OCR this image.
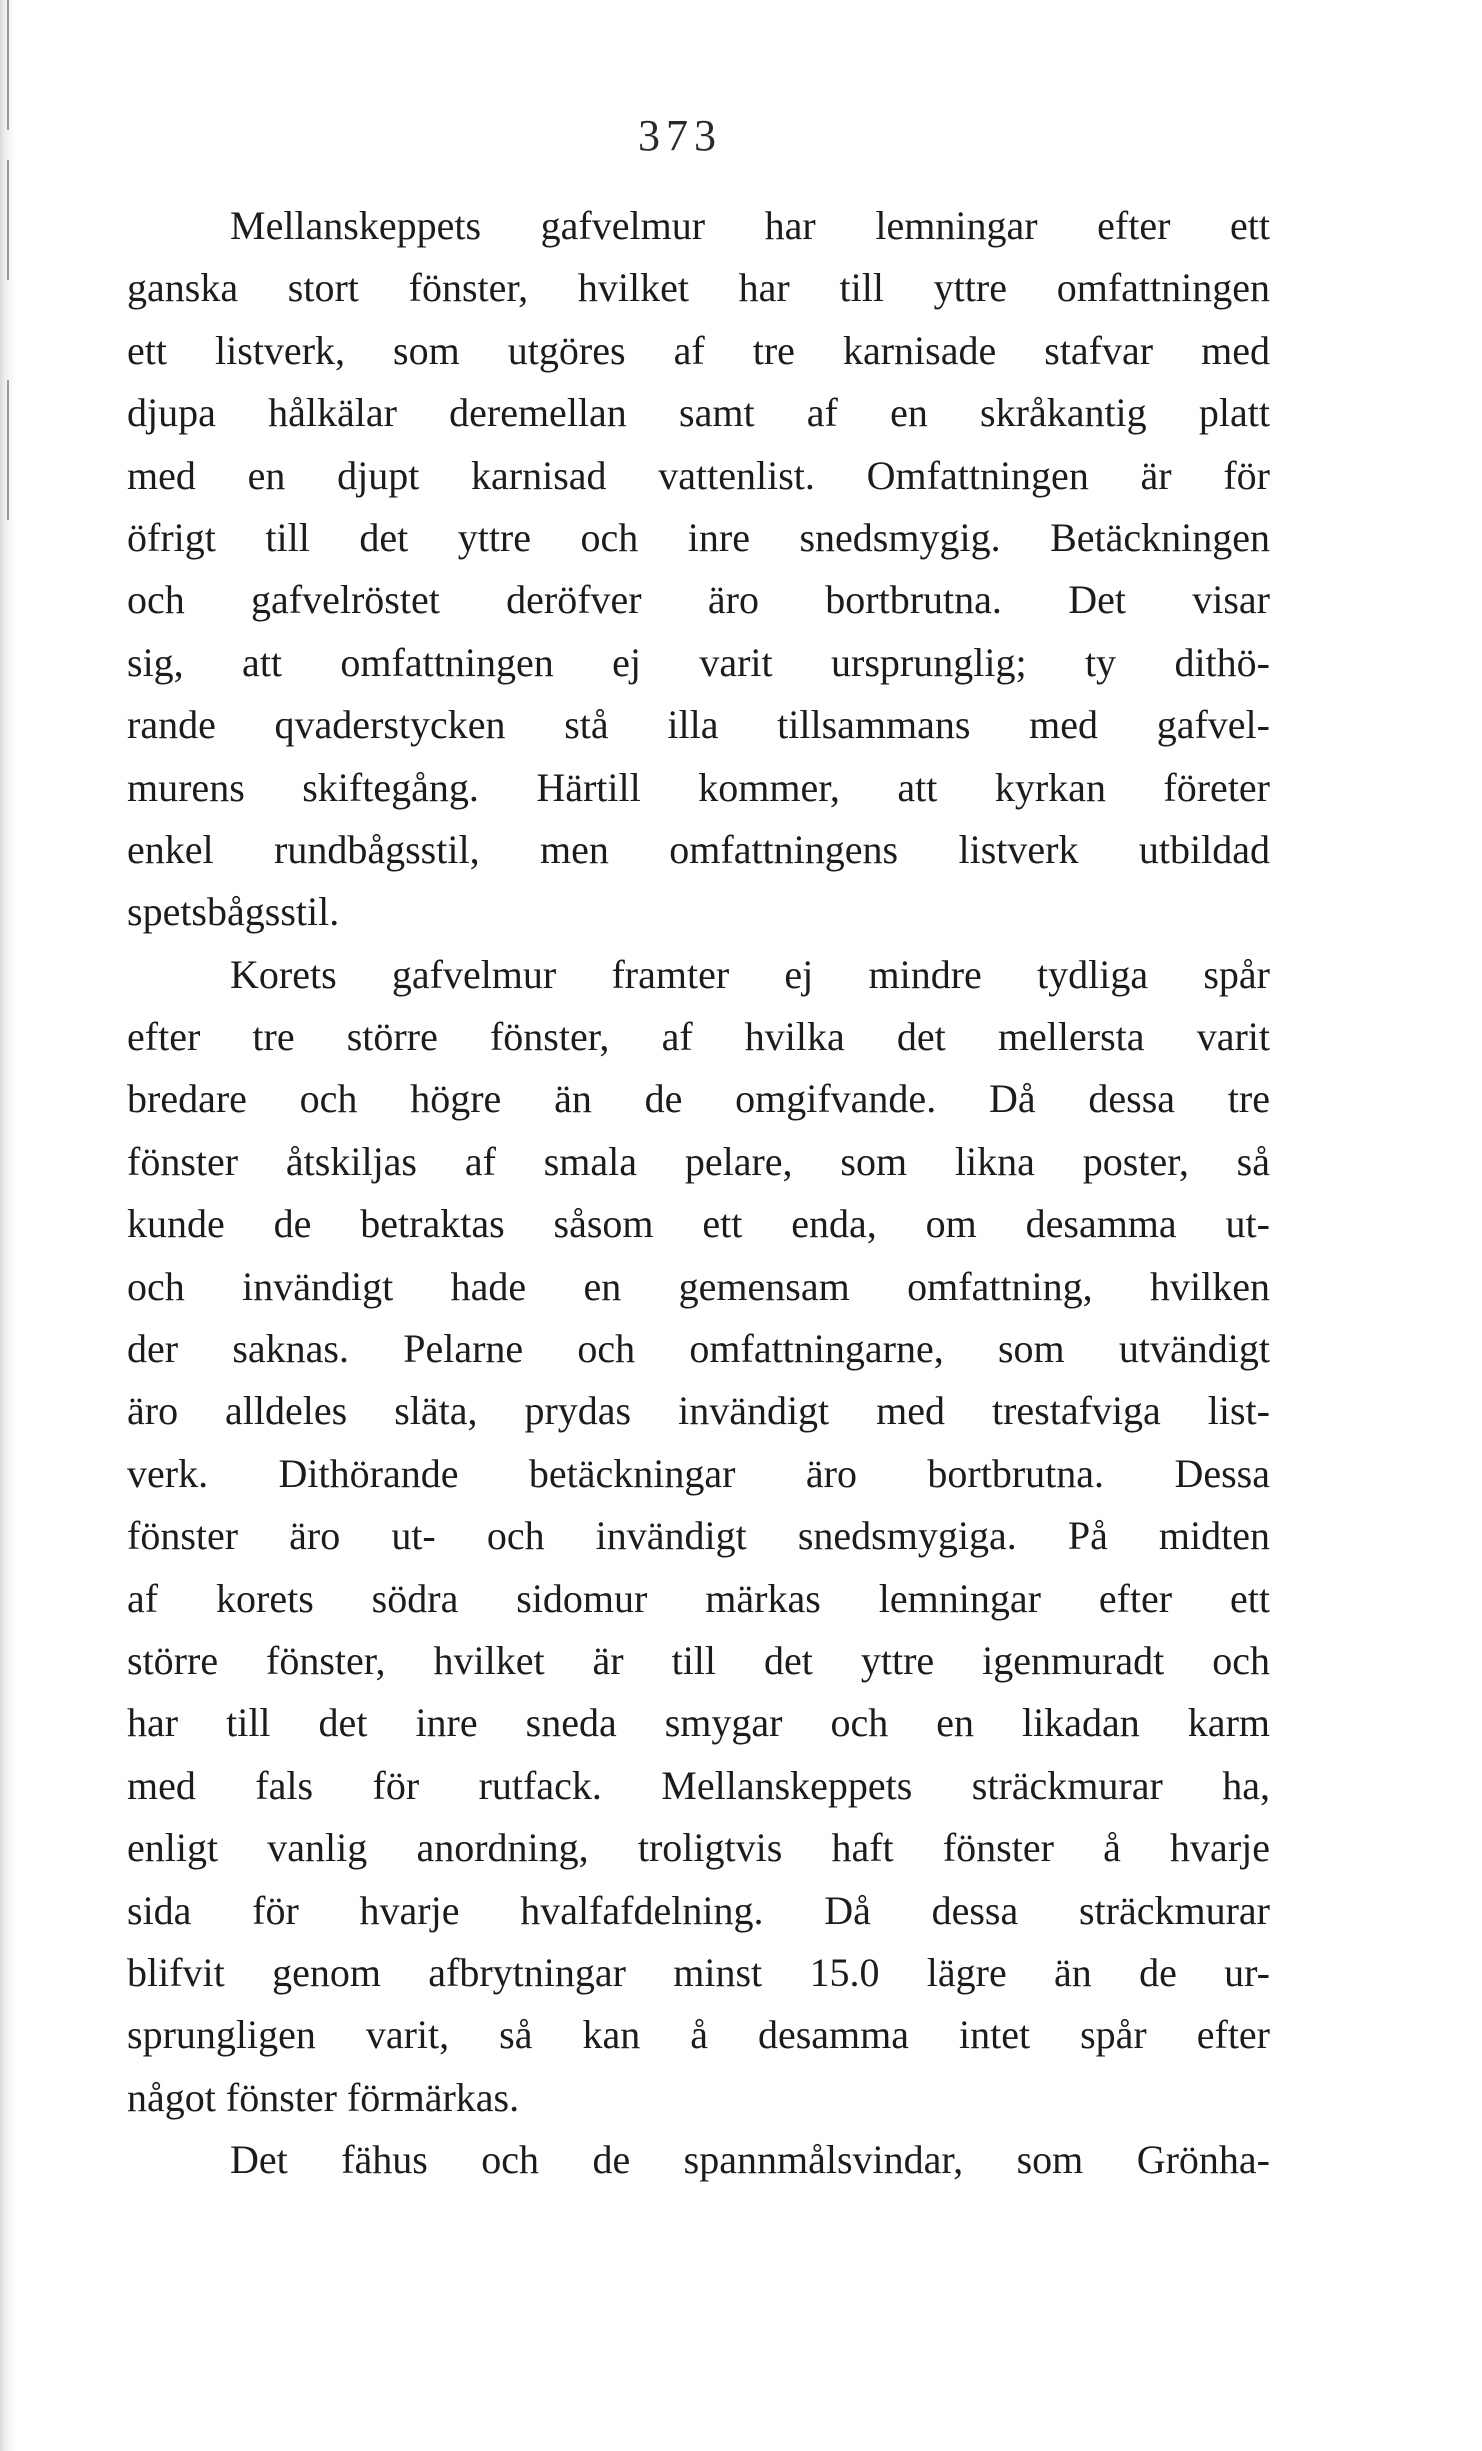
373
Mellanskeppets gafvelmur har lemningar efter ett
ganska stort fönster, hvilket har till yttre omfattningen
ett listverk, som utgöres af tre karnisade stafvar med
djupa hålkälar deremellan samt af en skråkantig platt
med en djupt karnisad vattenlist. Omfattningen är för
öfrigt till det yttre och inre snedsmygig. Betäckningen
och gafvelröstet deröfver äro bortbrutna. Det visar
sig, att omfattningen ej varit ursprunglig; ty dithö-
rande qvaderstycken stå illa tillsammans med gafvel-
murens skiftegång. Härtill kommer, att kyrkan företer
enkel rundbågsstil, men omfattningens listverk utbildad
spetsbågsstil.
Korets gafvelmur framter ej mindre tydliga spår
efter tre större fönster, af hvilka det mellersta varit
bredare och högre än de omgifvande. Då dessa tre
fönster åtskiljas af smala pelare, som likna poster, så
kunde de betraktas såsom ett enda, om desamma ut-
och invändigt hade en gemensam omfattning, hvilken
der saknas. Pelarne och omfattningarne, som utvändigt
äro alldeles släta, prydas invändigt med trestafviga list-
verk. Dithörande betäckningar äro bortbrutna. Dessa
fönster äro ut- och invändigt snedsmygiga. På midten
af korets södra sidomur märkas lemningar efter ett
större fönster, hvilket är till det yttre igenmuradt och
har till det inre sneda smygar och en likadan karm
med fals för rutfack. Mellanskeppets sträckmurar ha,
enligt vanlig anordning, troligtvis haft fönster å hvarje
sida för hvarje hvalfafdelning. Då dessa sträckmurar
blifvit genom afbrytningar minst 15.0 lägre än de ur-
sprungligen varit, så kan å desamma intet spår efter
något fönster förmärkas.
Det fähus och de spannmålsvindar, som Grönha-
